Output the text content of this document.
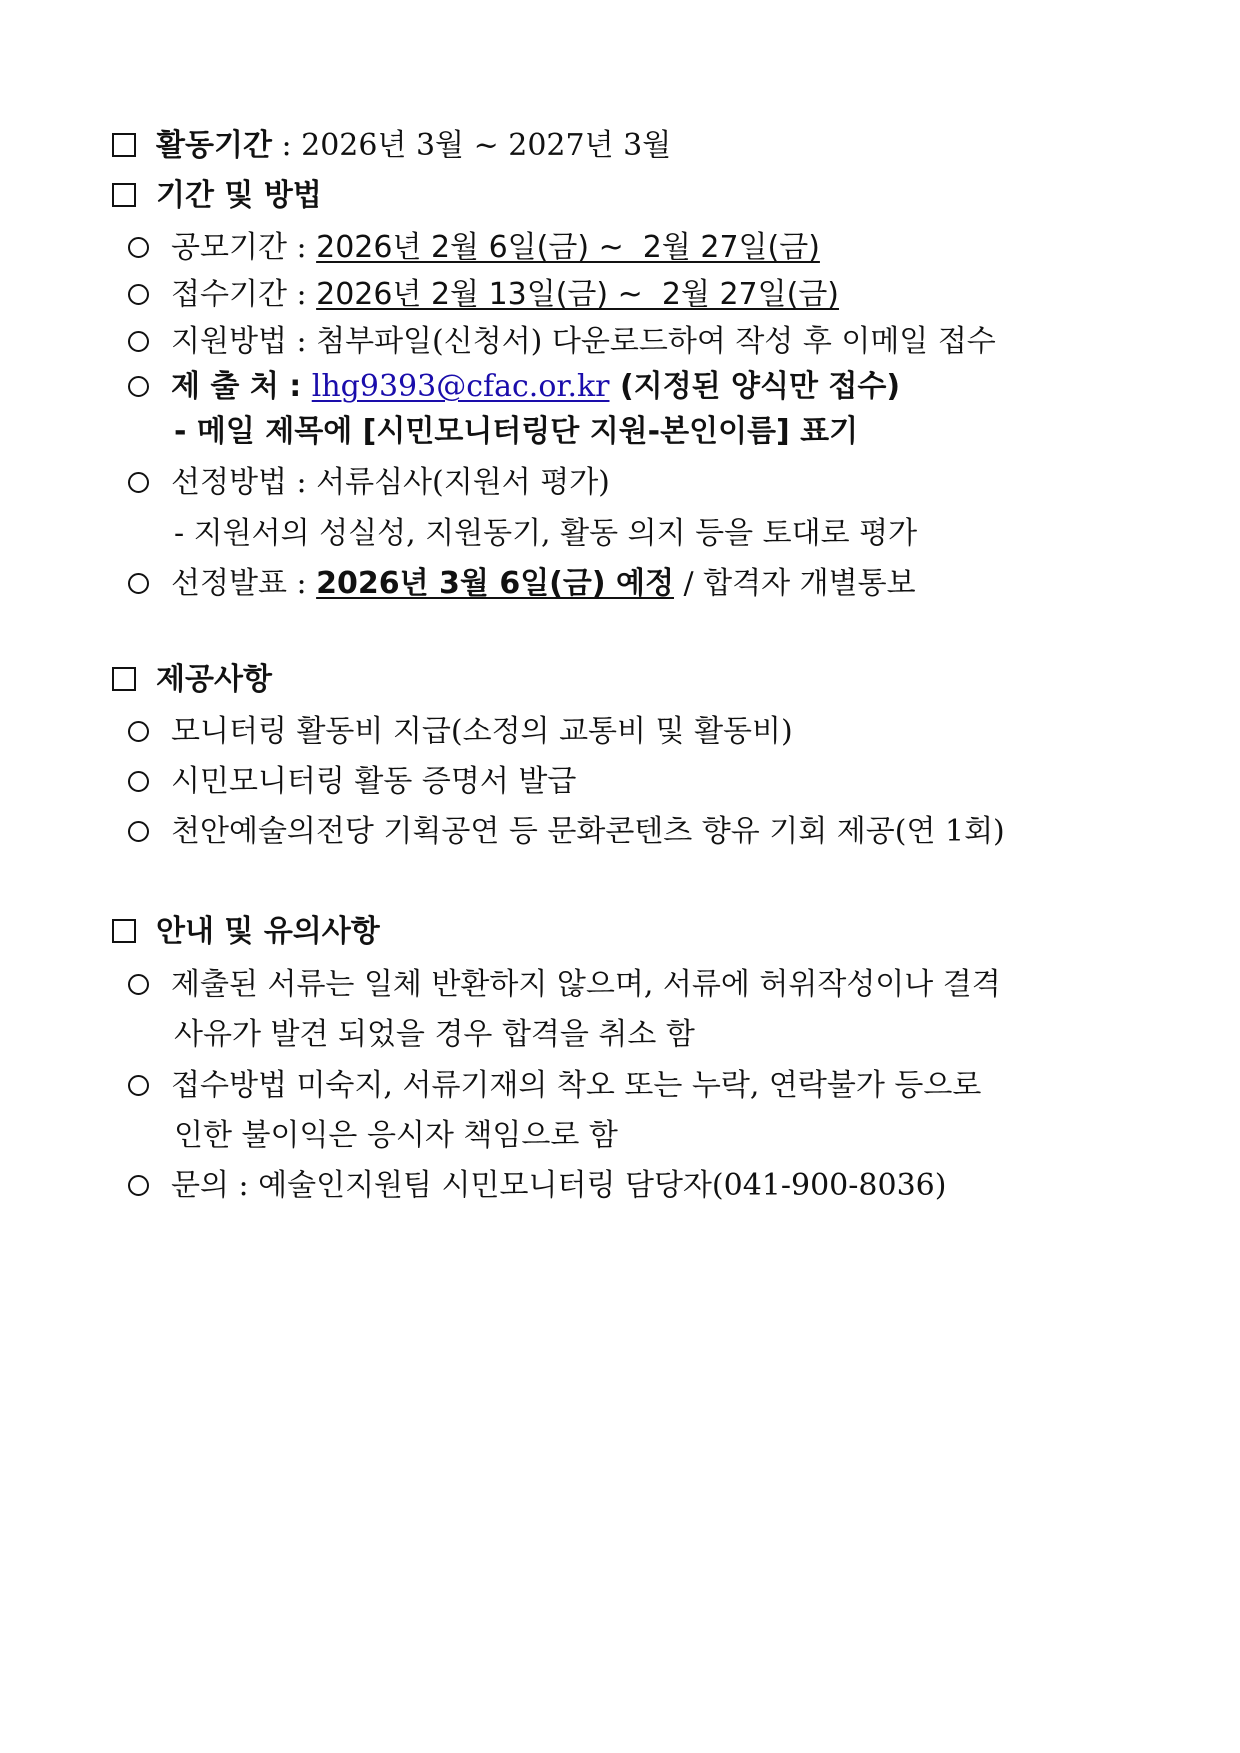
활동기간 : 2026년 3월 ~ 2027년 3월
기간 및 방법
공모기간 : 2026년 2월 6일(금) ~  2월 27일(금)
접수기간 : 2026년 2월 13일(금) ~  2월 27일(금)
지원방법 : 첨부파일(신청서) 다운로드하여 작성 후 이메일 접수
제 출 처 : lhg9393@cfac.or.kr (지정된 양식만 접수)
- 메일 제목에 [시민모니터링단 지원-본인이름] 표기
선정방법 : 서류심사(지원서 평가)
- 지원서의 성실성, 지원동기, 활동 의지 등을 토대로 평가
선정발표 : 2026년 3월 6일(금) 예정 / 합격자 개별통보
제공사항
모니터링 활동비 지급(소정의 교통비 및 활동비)
시민모니터링 활동 증명서 발급
천안예술의전당 기획공연 등 문화콘텐츠 향유 기회 제공(연 1회)
안내 및 유의사항
제출된 서류는 일체 반환하지 않으며, 서류에 허위작성이나 결격
사유가 발견 되었을 경우 합격을 취소 함
접수방법 미숙지, 서류기재의 착오 또는 누락, 연락불가 등으로
인한 불이익은 응시자 책임으로 함
문의 : 예술인지원팀 시민모니터링 담당자(041-900-8036)
